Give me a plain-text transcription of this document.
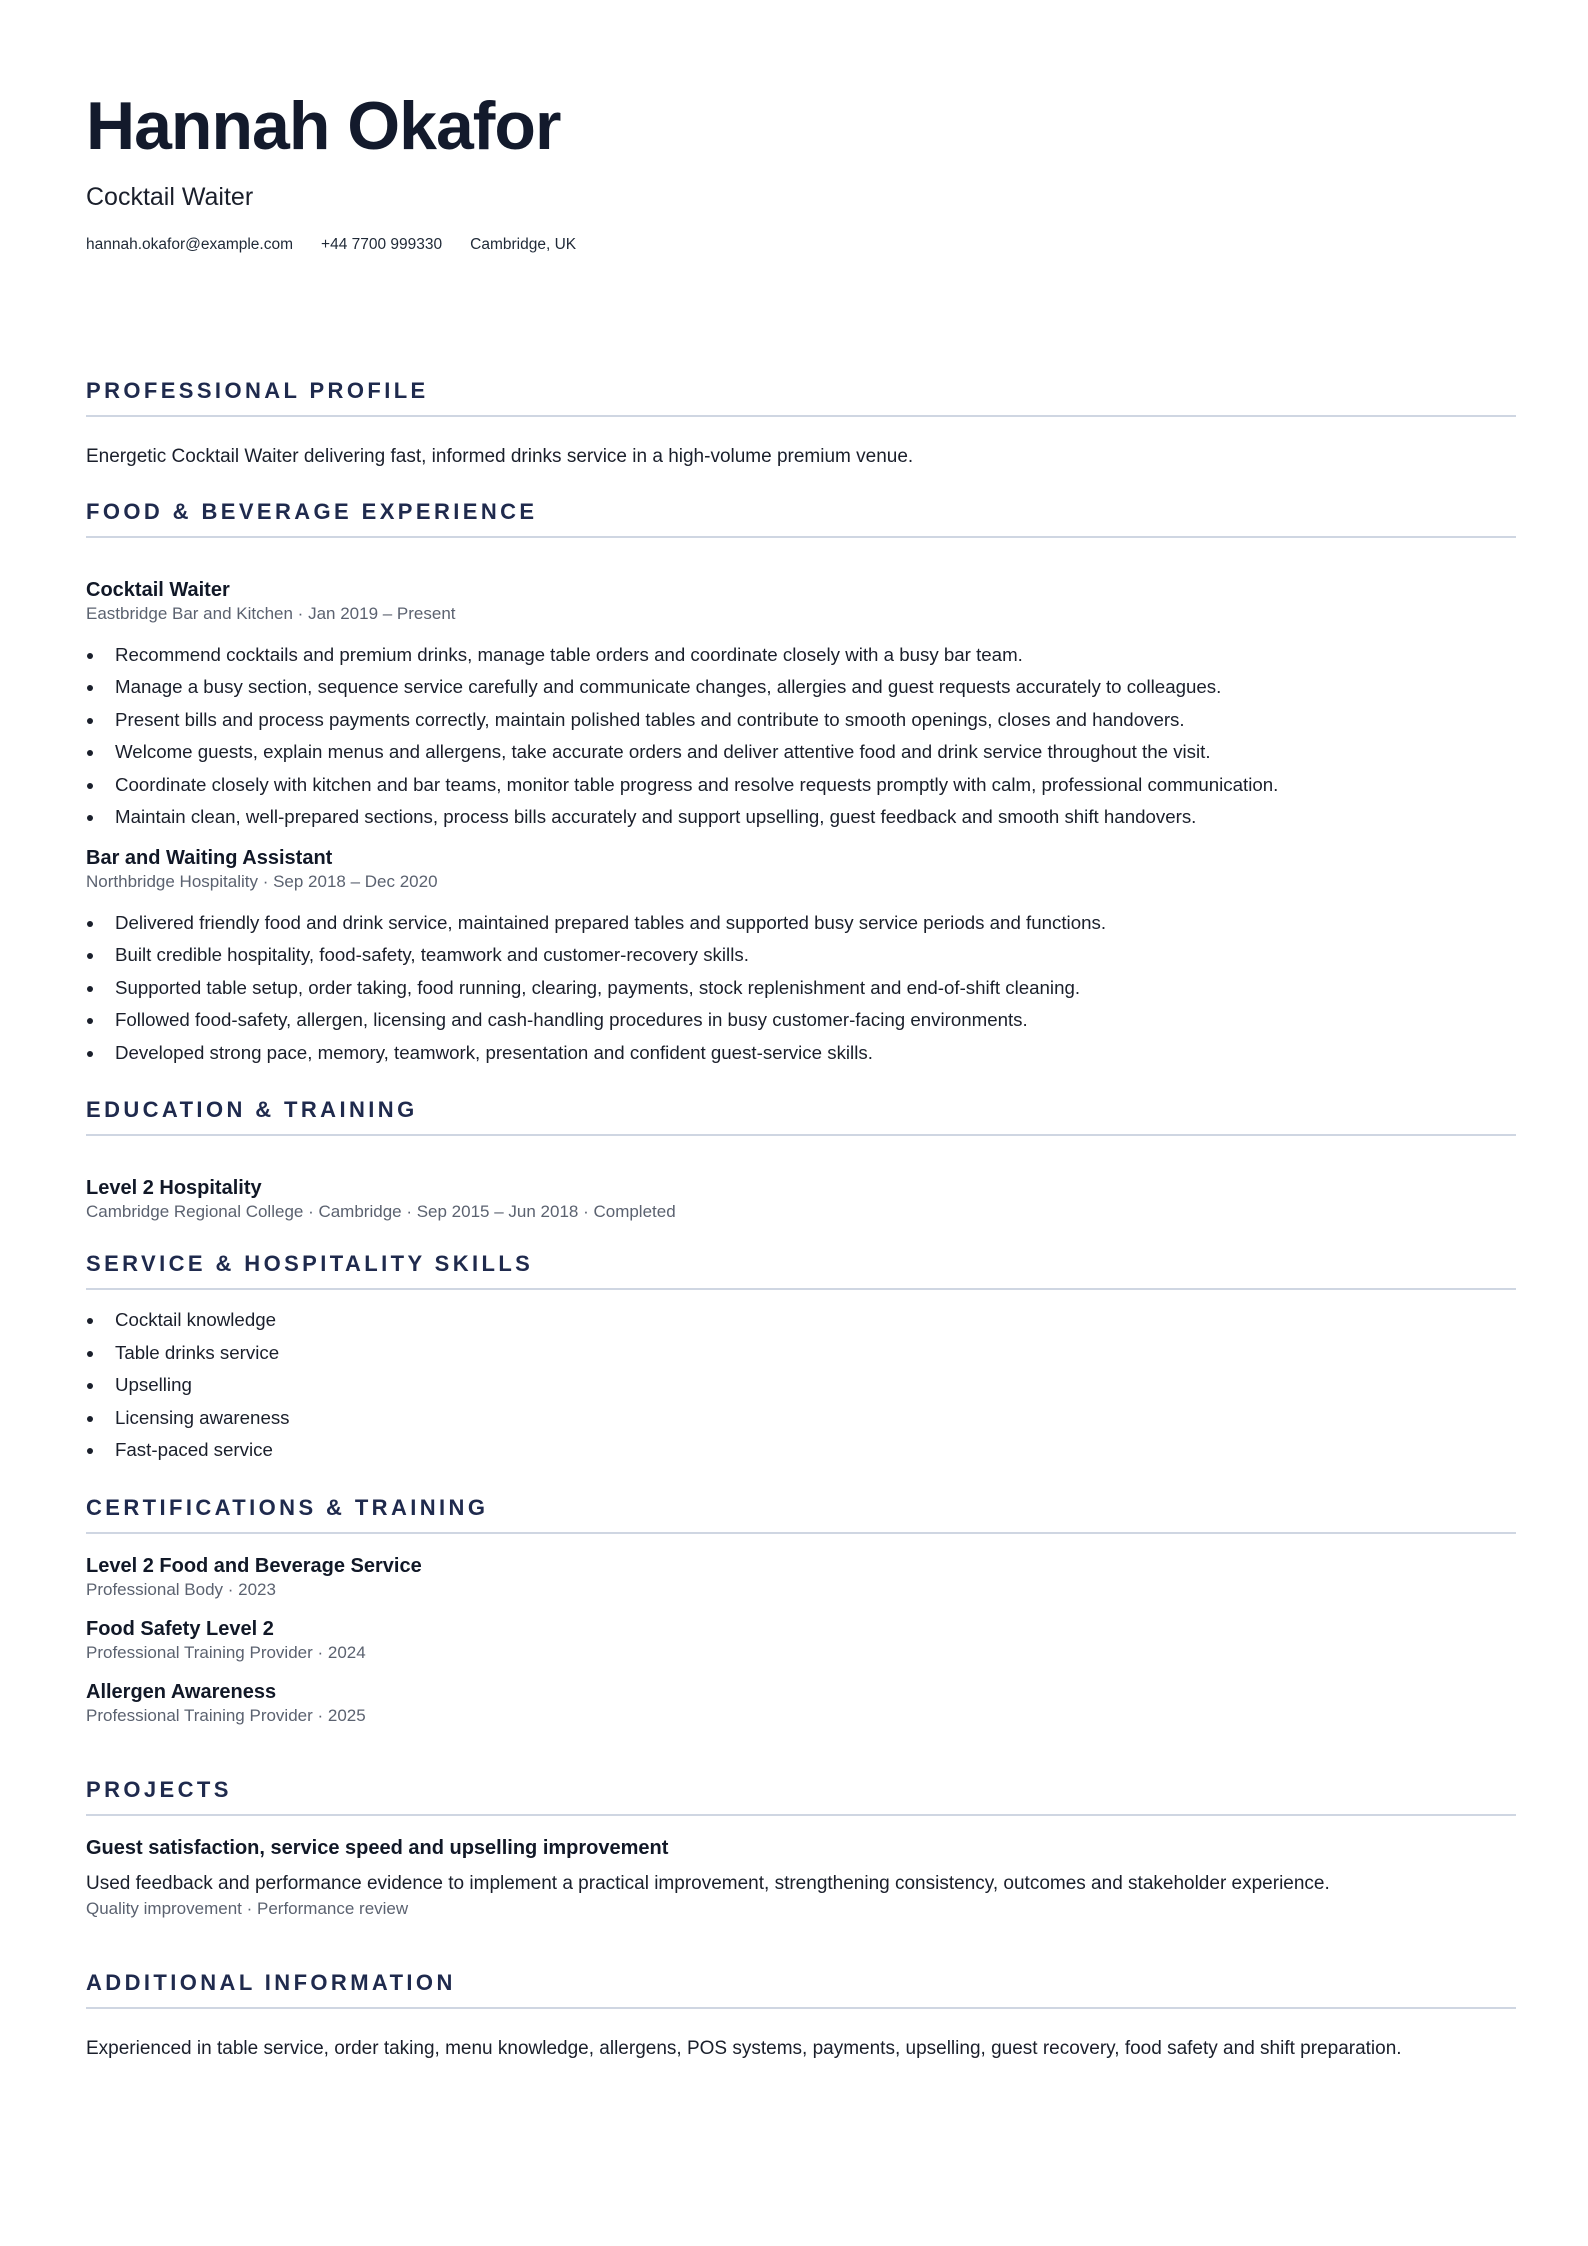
Hannah Okafor
Cocktail Waiter
hannah.okafor@example.com +44 7700 999330 Cambridge, UK
PROFESSIONAL PROFILE
Energetic Cocktail Waiter delivering fast, informed drinks service in a high-volume premium venue.
FOOD & BEVERAGE EXPERIENCE
Cocktail Waiter
Eastbridge Bar and Kitchen · Jan 2019 – Present
Recommend cocktails and premium drinks, manage table orders and coordinate closely with a busy bar team.
Manage a busy section, sequence service carefully and communicate changes, allergies and guest requests accurately to colleagues.
Present bills and process payments correctly, maintain polished tables and contribute to smooth openings, closes and handovers.
Welcome guests, explain menus and allergens, take accurate orders and deliver attentive food and drink service throughout the visit.
Coordinate closely with kitchen and bar teams, monitor table progress and resolve requests promptly with calm, professional communication.
Maintain clean, well-prepared sections, process bills accurately and support upselling, guest feedback and smooth shift handovers.
Bar and Waiting Assistant
Northbridge Hospitality · Sep 2018 – Dec 2020
Delivered friendly food and drink service, maintained prepared tables and supported busy service periods and functions.
Built credible hospitality, food-safety, teamwork and customer-recovery skills.
Supported table setup, order taking, food running, clearing, payments, stock replenishment and end-of-shift cleaning.
Followed food-safety, allergen, licensing and cash-handling procedures in busy customer-facing environments.
Developed strong pace, memory, teamwork, presentation and confident guest-service skills.
EDUCATION & TRAINING
Level 2 Hospitality
Cambridge Regional College · Cambridge · Sep 2015 – Jun 2018 · Completed
SERVICE & HOSPITALITY SKILLS
Cocktail knowledge
Table drinks service
Upselling
Licensing awareness
Fast-paced service
CERTIFICATIONS & TRAINING
Level 2 Food and Beverage Service
Professional Body · 2023
Food Safety Level 2
Professional Training Provider · 2024
Allergen Awareness
Professional Training Provider · 2025
PROJECTS
Guest satisfaction, service speed and upselling improvement
Used feedback and performance evidence to implement a practical improvement, strengthening consistency, outcomes and stakeholder experience.
Quality improvement · Performance review
ADDITIONAL INFORMATION
Experienced in table service, order taking, menu knowledge, allergens, POS systems, payments, upselling, guest recovery, food safety and shift preparation.
